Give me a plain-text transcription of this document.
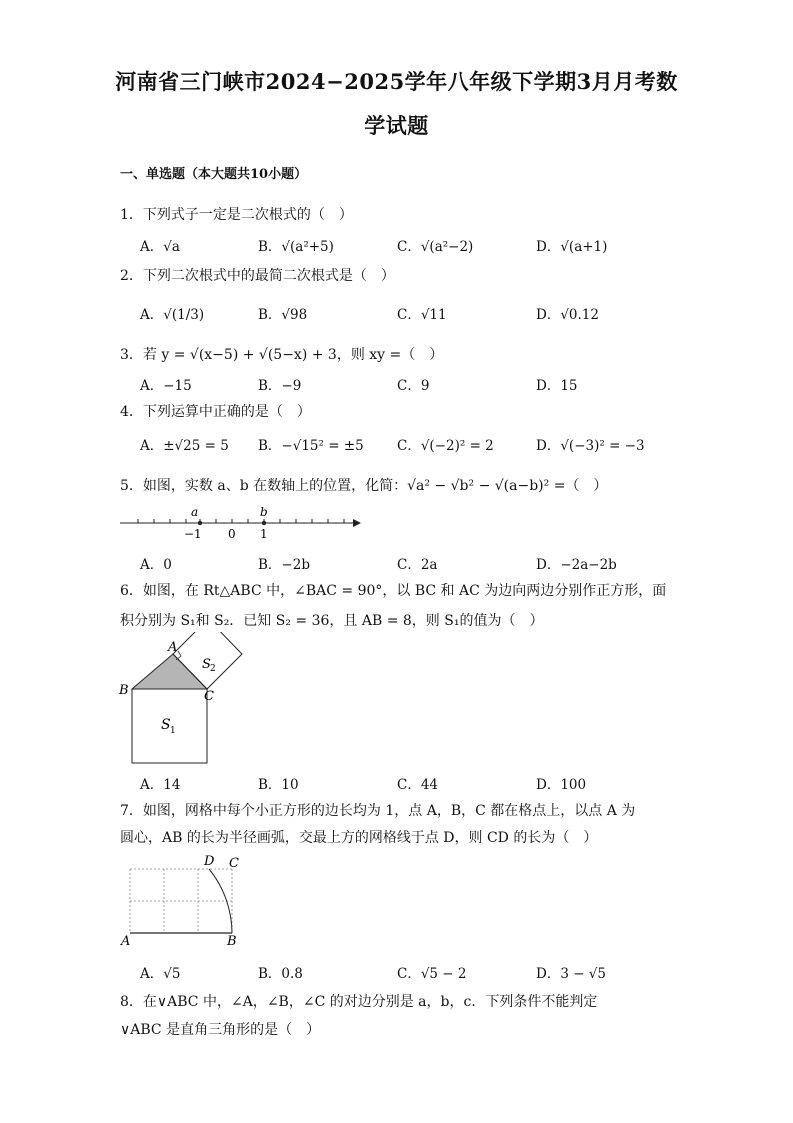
河南省三门峡市2024−2025学年八年级下学期3月月考数
学试题
一、单选题（本大题共10小题）
1．下列式子一定是二次根式的（　）
A．√a	B．√(a²+5)	C．√(a²−2)	D．√(a+1)
2．下列二次根式中的最简二次根式是（　）
A．√(1/3)	B．√98	C．√11	D．√0.12
3．若 y = √(x−5) + √(5−x) + 3，则 xy =（　）
A．−15	B．−9	C．9	D．15
4．下列运算中正确的是（　）
A．±√25 = 5 B．−√15² = ±5 C．√(−2)² = 2	D．√(−3)² = −3
5．如图，实数 a、b 在数轴上的位置，化简：√a² − √b² − √(a−b)² =（　）
a	b
−1 0 1
A．0	B．−2b	C．2a	D．−2a−2b
6．如图，在 Rt△ABC 中，∠BAC = 90°，以 BC 和 AC 为边向两边分别作正方形，面
积分别为 S₁和 S₂．已知 S₂ = 36，且 AB = 8，则 S₁的值为（　）
A
B	C
S 1
S 2
A．14	B．10	C．44	D．100
7．如图，网格中每个小正方形的边长均为 1，点 A，B，C 都在格点上，以点 A 为
圆心，AB 的长为半径画弧，交最上方的网格线于点 D，则 CD 的长为（　）
A	B
C
D
A．√5	B．0.8	C．√5 − 2	D．3 − √5
8．在∨ABC 中，∠A，∠B，∠C 的对边分别是 a，b，c．下列条件不能判定
∨ABC 是直角三角形的是（　）
